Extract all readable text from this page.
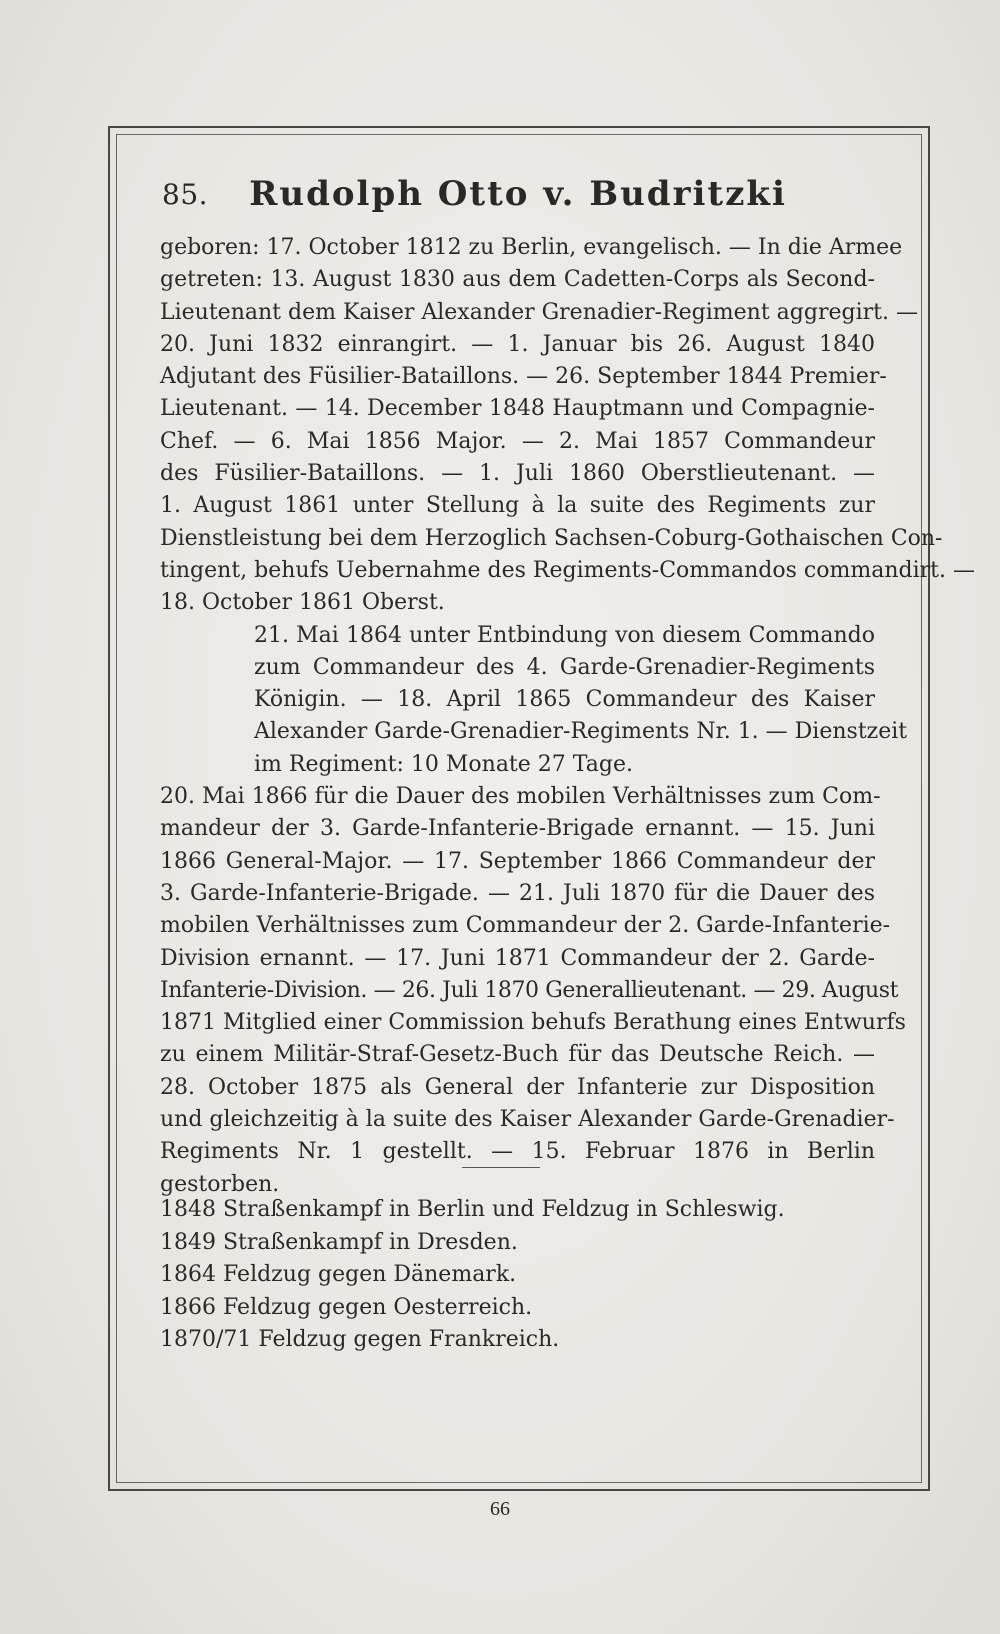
85.	Rudolph Otto v. Budritzki
geboren: 17. October 1812 zu Berlin, evangelisch. — In die Armee
getreten: 13. August 1830 aus dem Cadetten-Corps als Second-
Lieutenant dem Kaiser Alexander Grenadier-Regiment aggregirt. —
20. Juni 1832 einrangirt. — 1. Januar bis 26. August 1840
Adjutant des Füsilier-Bataillons. — 26. September 1844 Premier-
Lieutenant. — 14. December 1848 Hauptmann und Compagnie-
Chef. — 6. Mai 1856 Major. — 2. Mai 1857 Commandeur
des Füsilier-Bataillons. — 1. Juli 1860 Oberstlieutenant. —
1. August 1861 unter Stellung à la suite des Regiments zur
Dienstleistung bei dem Herzoglich Sachsen-Coburg-Gothaischen Con-
tingent, behufs Uebernahme des Regiments-Commandos commandirt. —
18. October 1861 Oberst.
21. Mai 1864 unter Entbindung von diesem Commando
zum Commandeur des 4. Garde-Grenadier-Regiments
Königin. — 18. April 1865 Commandeur des Kaiser
Alexander Garde-Grenadier-Regiments Nr. 1. — Dienstzeit
im Regiment: 10 Monate 27 Tage.
20. Mai 1866 für die Dauer des mobilen Verhältnisses zum Com-
mandeur der 3. Garde-Infanterie-Brigade ernannt. — 15. Juni
1866 General-Major. — 17. September 1866 Commandeur der
3. Garde-Infanterie-Brigade. — 21. Juli 1870 für die Dauer des
mobilen Verhältnisses zum Commandeur der 2. Garde-Infanterie-
Division ernannt. — 17. Juni 1871 Commandeur der 2. Garde-
Infanterie-Division. — 26. Juli 1870 Generallieutenant. — 29. August
1871 Mitglied einer Commission behufs Berathung eines Entwurfs
zu einem Militär-Straf-Gesetz-Buch für das Deutsche Reich. —
28. October 1875 als General der Infanterie zur Disposition
und gleichzeitig à la suite des Kaiser Alexander Garde-Grenadier-
Regiments Nr. 1 gestellt. — 15. Februar 1876 in Berlin
gestorben.
1848 Straßenkampf in Berlin und Feldzug in Schleswig.
1849 Straßenkampf in Dresden.
1864 Feldzug gegen Dänemark.
1866 Feldzug gegen Oesterreich.
1870/71 Feldzug gegen Frankreich.
66
